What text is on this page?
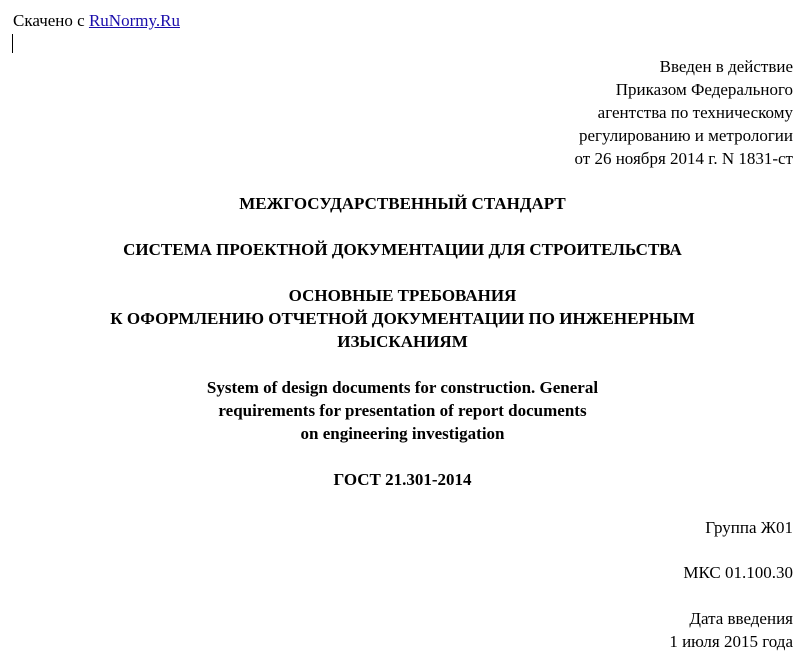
Скачено с RuNormy.Ru
Введен в действие
Приказом Федерального
агентства по техническому
регулированию и метрологии
от 26 ноября 2014 г. N 1831-ст
МЕЖГОСУДАРСТВЕННЫЙ СТАНДАРТ
СИСТЕМА ПРОЕКТНОЙ ДОКУМЕНТАЦИИ ДЛЯ СТРОИТЕЛЬСТВА
ОСНОВНЫЕ ТРЕБОВАНИЯ
К ОФОРМЛЕНИЮ ОТЧЕТНОЙ ДОКУМЕНТАЦИИ ПО ИНЖЕНЕРНЫМ
ИЗЫСКАНИЯМ
System of design documents for construction. General
requirements for presentation of report documents
on engineering investigation
ГОСТ 21.301-2014
Группа Ж01
МКС 01.100.30
Дата введения
1 июля 2015 года
